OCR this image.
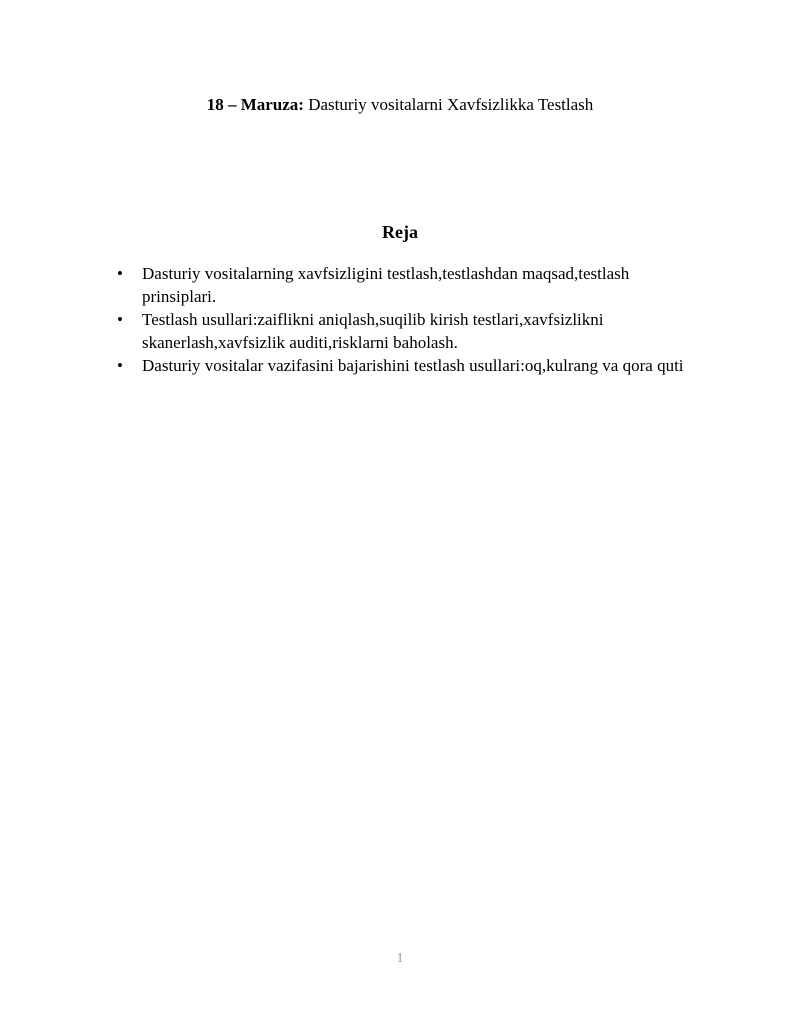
18 – Maruza: Dasturiy vositalarni Xavfsizlikka Testlash
Reja
• Dasturiy vositalarning xavfsizligini testlash,testlashdan maqsad,testlash prinsiplari.
• Testlash usullari:zaiflikni aniqlash,suqilib kirish testlari,xavfsizlikni skanerlash,xavfsizlik auditi,risklarni baholash.
• Dasturiy vositalar vazifasini bajarishini testlash usullari:oq,kulrang va qora quti
1
